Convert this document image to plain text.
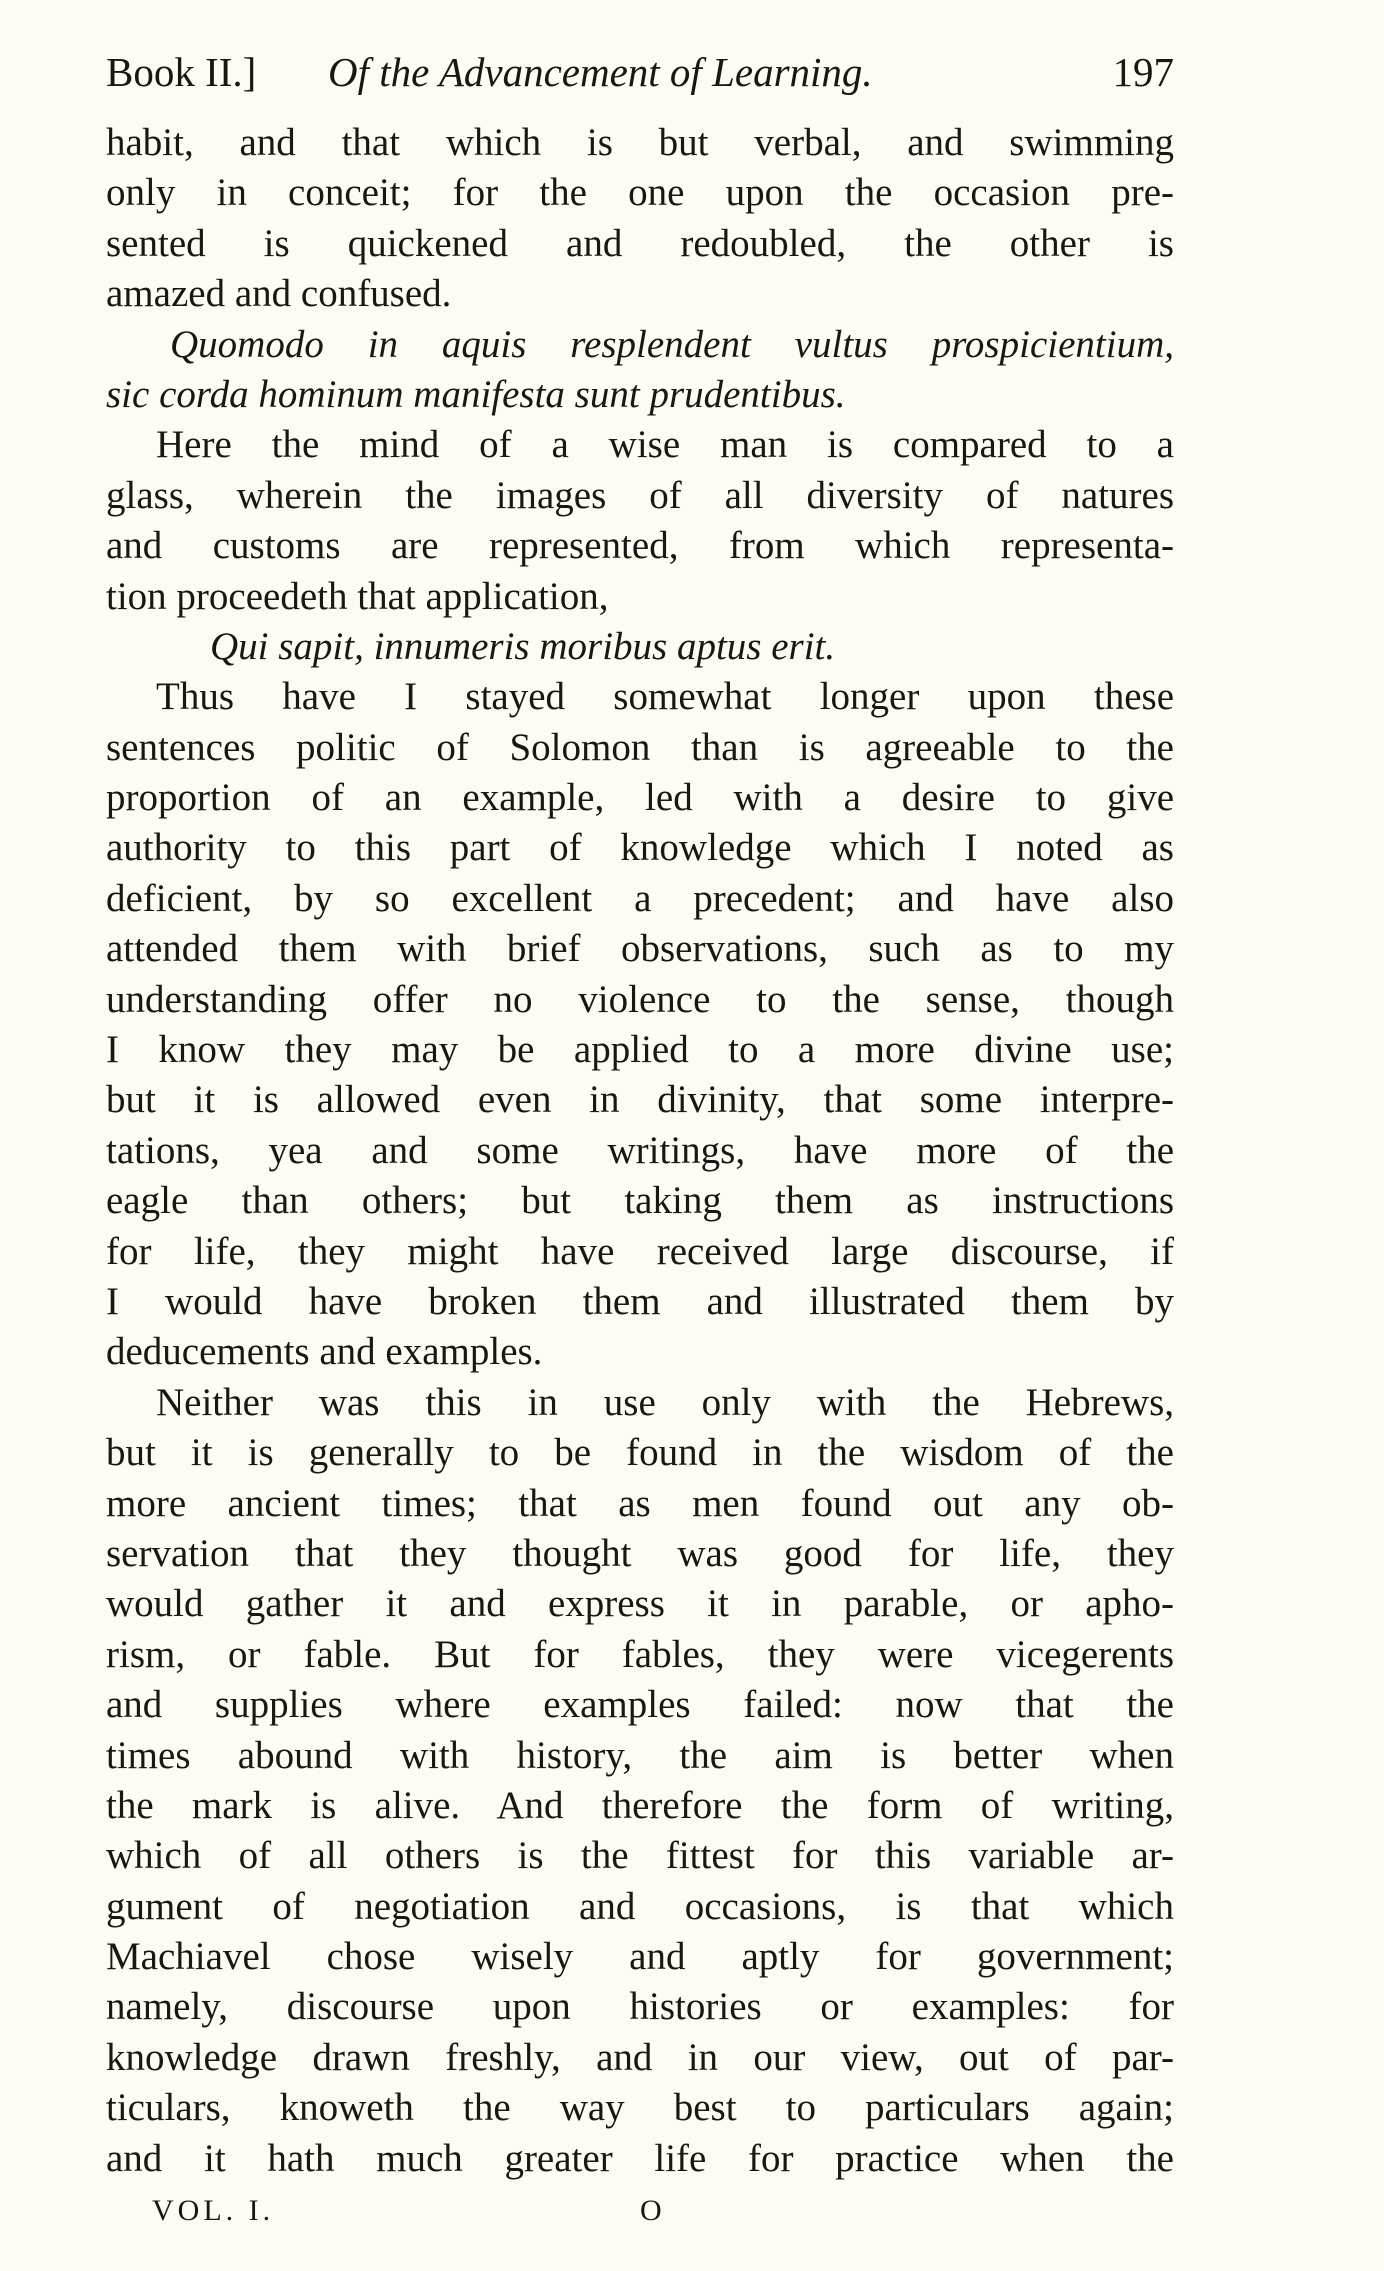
Book II.] Of the Advancement of Learning.	197
habit, and that which is but verbal, and swimming
only in conceit; for the one upon the occasion pre-
sented is quickened and redoubled, the other is
amazed and confused.
Quomodo in aquis resplendent vultus prospicientium,
sic corda hominum manifesta sunt prudentibus.
Here the mind of a wise man is compared to a
glass, wherein the images of all diversity of natures
and customs are represented, from which representa-
tion proceedeth that application,
Qui sapit, innumeris moribus aptus erit.
Thus have I stayed somewhat longer upon these
sentences politic of Solomon than is agreeable to the
proportion of an example, led with a desire to give
authority to this part of knowledge which I noted as
deficient, by so excellent a precedent; and have also
attended them with brief observations, such as to my
understanding offer no violence to the sense, though
I know they may be applied to a more divine use;
but it is allowed even in divinity, that some interpre-
tations, yea and some writings, have more of the
eagle than others; but taking them as instructions
for life, they might have received large discourse, if
I would have broken them and illustrated them by
deducements and examples.
Neither was this in use only with the Hebrews,
but it is generally to be found in the wisdom of the
more ancient times; that as men found out any ob-
servation that they thought was good for life, they
would gather it and express it in parable, or apho-
rism, or fable. But for fables, they were vicegerents
and supplies where examples failed: now that the
times abound with history, the aim is better when
the mark is alive. And therefore the form of writing,
which of all others is the fittest for this variable ar-
gument of negotiation and occasions, is that which
Machiavel chose wisely and aptly for government;
namely, discourse upon histories or examples: for
knowledge drawn freshly, and in our view, out of par-
ticulars, knoweth the way best to particulars again;
and it hath much greater life for practice when the
VOL. I.	O
